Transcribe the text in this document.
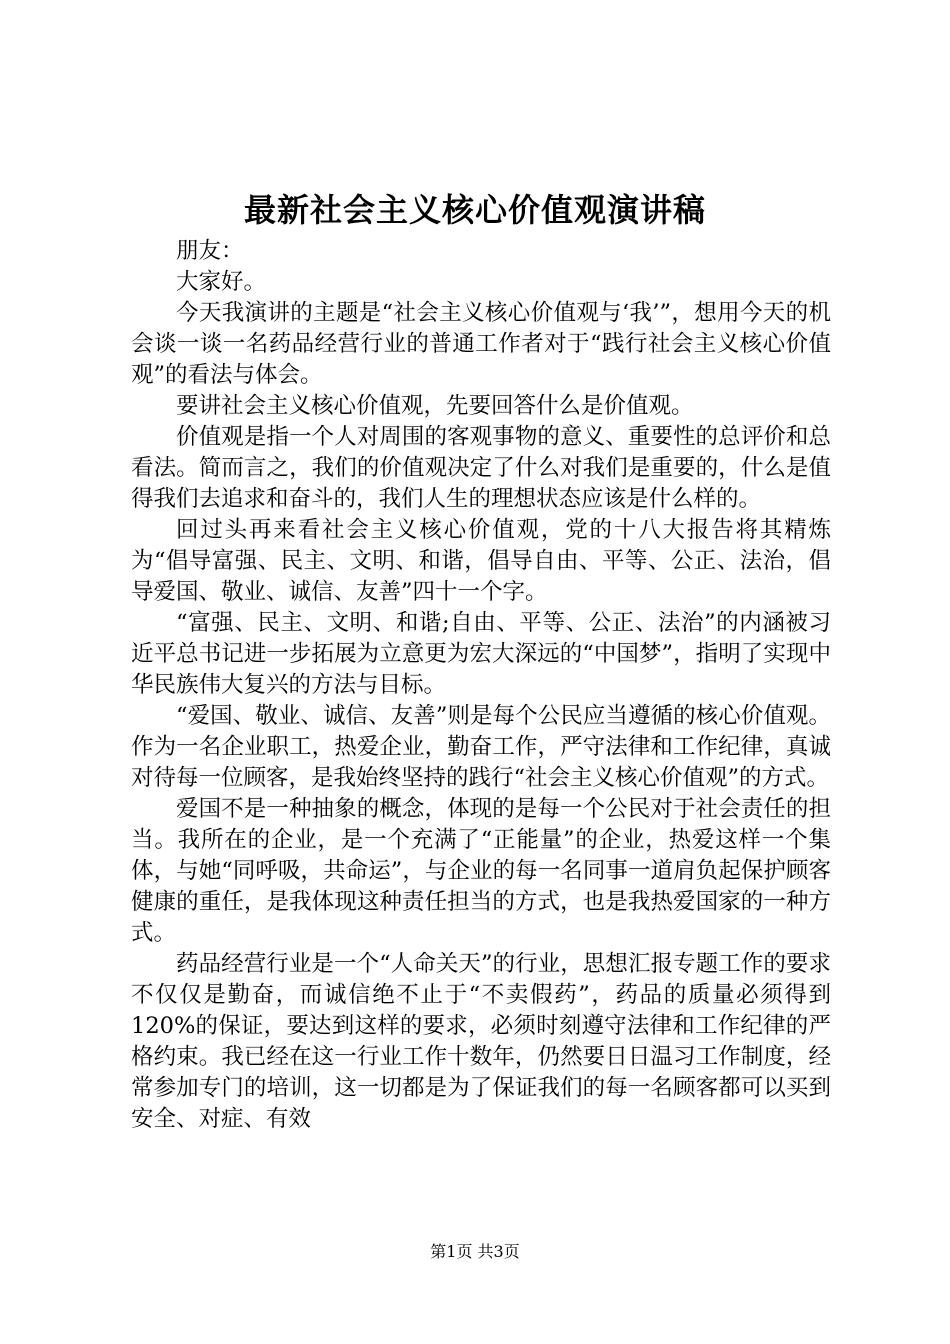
最新社会主义核心价值观演讲稿

朋友：

大家好。

今天我演讲的主题是“社会主义核心价值观与‘我’”，想用今天的机会谈一谈一名药品经营行业的普通工作者对于“践行社会主义核心价值观”的看法与体会。

要讲社会主义核心价值观，先要回答什么是价值观。

价值观是指一个人对周围的客观事物的意义、重要性的总评价和总看法。简而言之，我们的价值观决定了什么对我们是重要的，什么是值得我们去追求和奋斗的，我们人生的理想状态应该是什么样的。

回过头再来看社会主义核心价值观，党的十八大报告将其精炼为“倡导富强、民主、文明、和谐，倡导自由、平等、公正、法治，倡导爱国、敬业、诚信、友善”四十一个字。

“富强、民主、文明、和谐;自由、平等、公正、法治”的内涵被习近平总书记进一步拓展为立意更为宏大深远的“中国梦”，指明了实现中华民族伟大复兴的方法与目标。

“爱国、敬业、诚信、友善”则是每个公民应当遵循的核心价值观。作为一名企业职工，热爱企业，勤奋工作，严守法律和工作纪律，真诚对待每一位顾客，是我始终坚持的践行“社会主义核心价值观”的方式。

爱国不是一种抽象的概念，体现的是每一个公民对于社会责任的担当。我所在的企业，是一个充满了“正能量”的企业，热爱这样一个集体，与她“同呼吸，共命运”，与企业的每一名同事一道肩负起保护顾客健康的重任，是我体现这种责任担当的方式，也是我热爱国家的一种方式。

药品经营行业是一个“人命关天”的行业，思想汇报专题工作的要求不仅仅是勤奋，而诚信绝不止于“不卖假药”，药品的质量必须得到120%的保证，要达到这样的要求，必须时刻遵守法律和工作纪律的严格约束。我已经在这一行业工作十数年，仍然要日日温习工作制度，经常参加专门的培训，这一切都是为了保证我们的每一名顾客都可以买到安全、对症、有效

第1页 共3页
